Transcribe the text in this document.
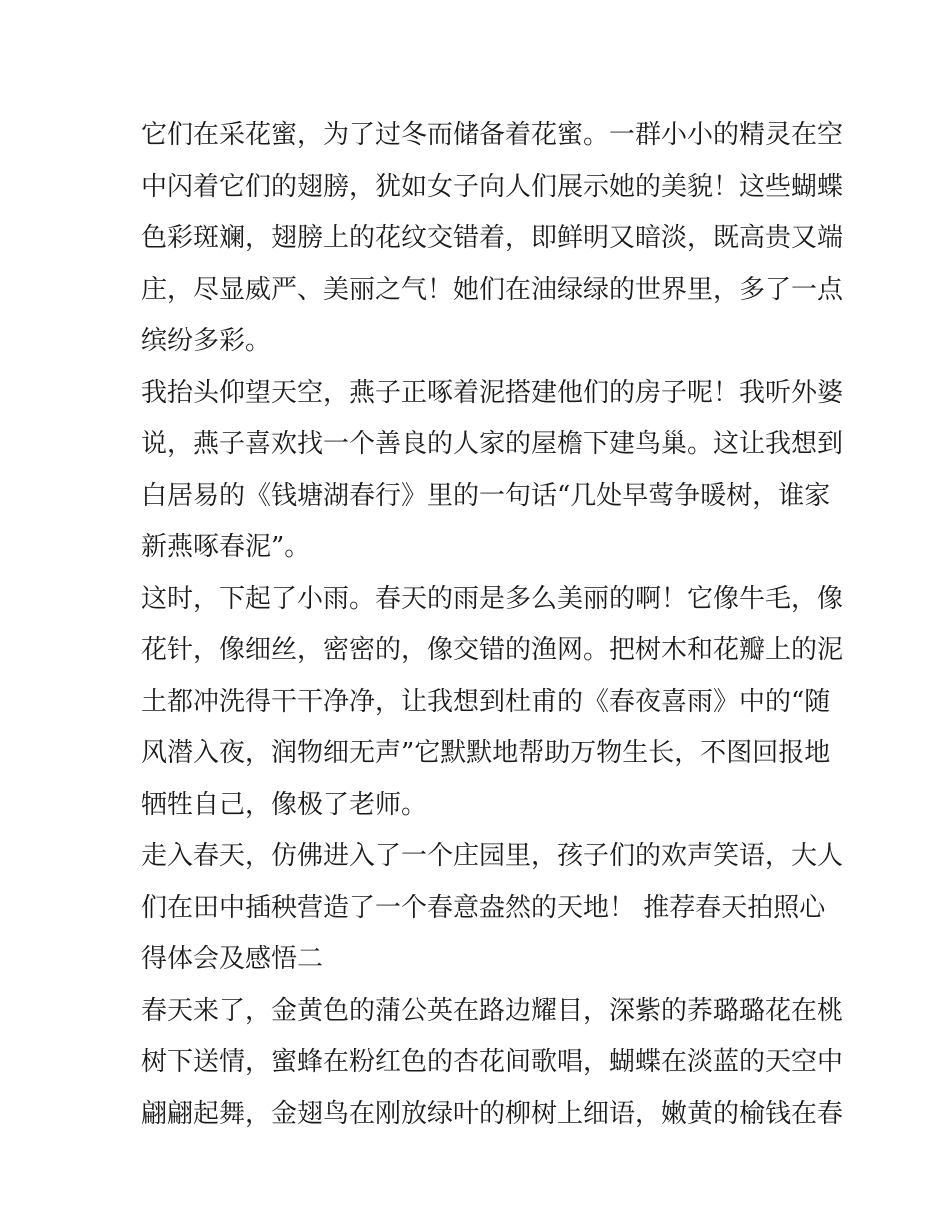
它们在采花蜜，为了过冬而储备着花蜜。一群小小的精灵在空
中闪着它们的翅膀，犹如女子向人们展示她的美貌！这些蝴蝶
色彩斑斓，翅膀上的花纹交错着，即鲜明又暗淡，既高贵又端
庄，尽显威严、美丽之气！她们在油绿绿的世界里，多了一点
缤纷多彩。
我抬头仰望天空，燕子正啄着泥搭建他们的房子呢！我听外婆
说，燕子喜欢找一个善良的人家的屋檐下建鸟巢。这让我想到
白居易的《钱塘湖春行》里的一句话“几处早莺争暖树，谁家
新燕啄春泥”。
这时，下起了小雨。春天的雨是多么美丽的啊！它像牛毛，像
花针，像细丝，密密的，像交错的渔网。把树木和花瓣上的泥
土都冲洗得干干净净，让我想到杜甫的《春夜喜雨》中的“随
风潜入夜，润物细无声”它默默地帮助万物生长，不图回报地
牺牲自己，像极了老师。
走入春天，仿佛进入了一个庄园里，孩子们的欢声笑语，大人
们在田中插秧营造了一个春意盎然的天地！ 推荐春天拍照心
得体会及感悟二
春天来了，金黄色的蒲公英在路边耀目，深紫的荞璐璐花在桃
树下送情，蜜蜂在粉红色的杏花间歌唱，蝴蝶在淡蓝的天空中
翩翩起舞，金翅鸟在刚放绿叶的柳树上细语，嫩黄的榆钱在春
